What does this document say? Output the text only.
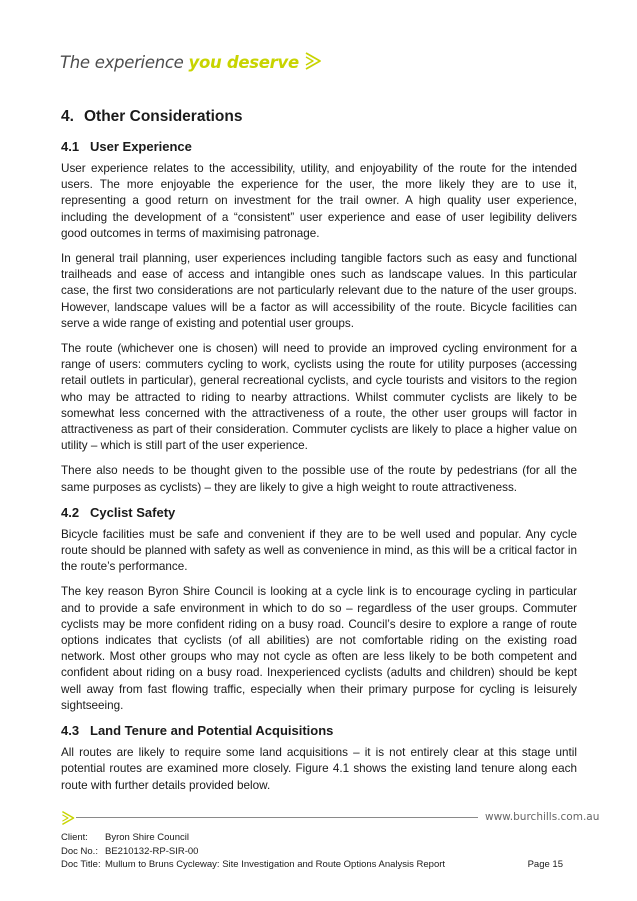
The experience you deserve
4. Other Considerations
4.1 User Experience

User experience relates to the accessibility, utility, and enjoyability of the route for the intended users. The more enjoyable the experience for the user, the more likely they are to use it, representing a good return on investment for the trail owner. A high quality user experience, including the development of a “consistent” user experience and ease of user legibility delivers good outcomes in terms of maximising patronage.

In general trail planning, user experiences including tangible factors such as easy and functional trailheads and ease of access and intangible ones such as landscape values. In this particular case, the first two considerations are not particularly relevant due to the nature of the user groups. However, landscape values will be a factor as will accessibility of the route. Bicycle facilities can serve a wide range of existing and potential user groups.

The route (whichever one is chosen) will need to provide an improved cycling environment for a range of users: commuters cycling to work, cyclists using the route for utility purposes (accessing retail outlets in particular), general recreational cyclists, and cycle tourists and visitors to the region who may be attracted to riding to nearby attractions. Whilst commuter cyclists are likely to be somewhat less concerned with the attractiveness of a route, the other user groups will factor in attractiveness as part of their consideration. Commuter cyclists are likely to place a higher value on utility – which is still part of the user experience.

There also needs to be thought given to the possible use of the route by pedestrians (for all the same purposes as cyclists) – they are likely to give a high weight to route attractiveness.

4.2 Cyclist Safety

Bicycle facilities must be safe and convenient if they are to be well used and popular. Any cycle route should be planned with safety as well as convenience in mind, as this will be a critical factor in the route’s performance.

The key reason Byron Shire Council is looking at a cycle link is to encourage cycling in particular and to provide a safe environment in which to do so – regardless of the user groups. Commuter cyclists may be more confident riding on a busy road. Council’s desire to explore a range of route options indicates that cyclists (of all abilities) are not comfortable riding on the existing road network. Most other groups who may not cycle as often are less likely to be both competent and confident about riding on a busy road. Inexperienced cyclists (adults and children) should be kept well away from fast flowing traffic, especially when their primary purpose for cycling is leisurely sightseeing.

4.3 Land Tenure and Potential Acquisitions

All routes are likely to require some land acquisitions – it is not entirely clear at this stage until potential routes are examined more closely. Figure 4.1 shows the existing land tenure along each route with further details provided below.

www.burchills.com.au
Client:	Byron Shire Council
Doc No.: BE210132-RP-SIR-00
Doc Title: Mullum to Bruns Cycleway: Site Investigation and Route Options Analysis Report	Page 15
